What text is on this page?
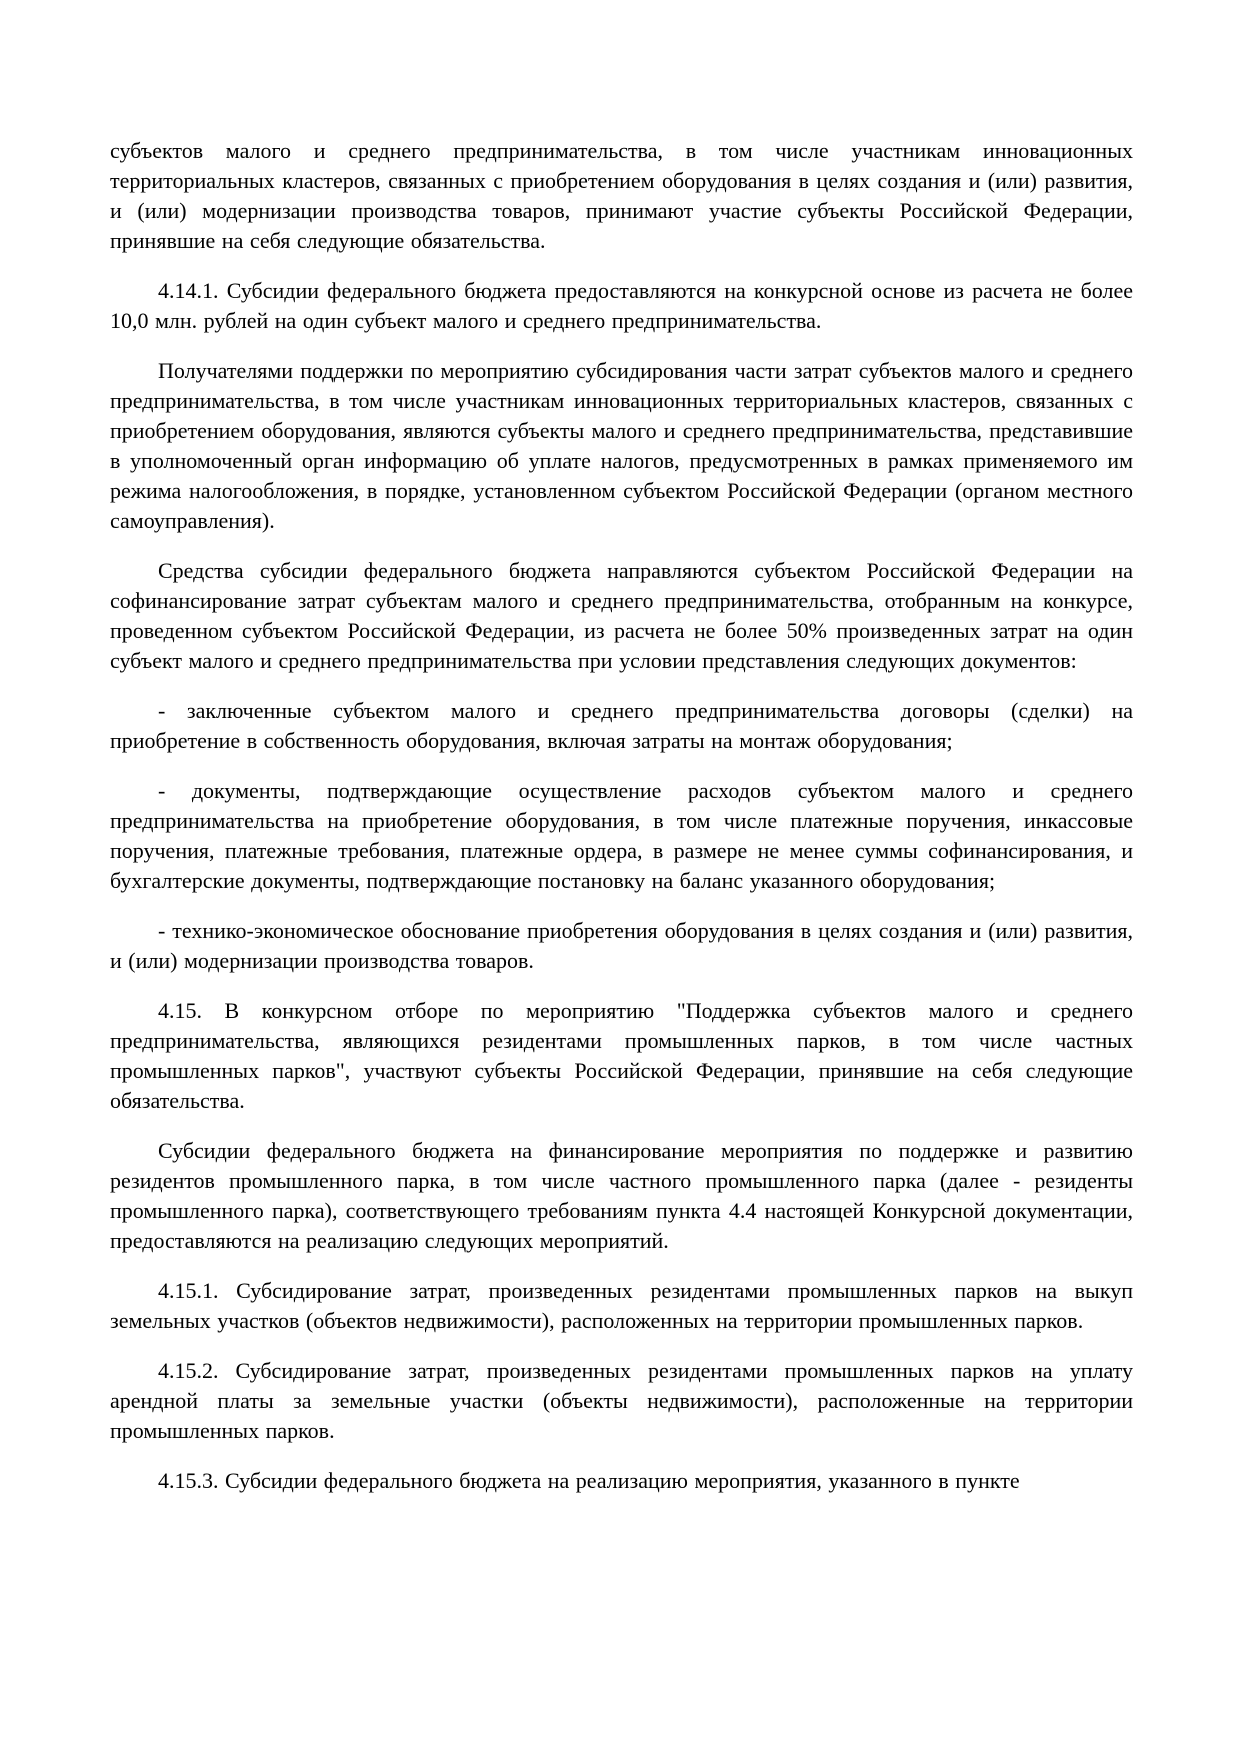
субъектов малого и среднего предпринимательства, в том числе участникам инновационных территориальных кластеров, связанных с приобретением оборудования в целях создания и (или) развития, и (или) модернизации производства товаров, принимают участие субъекты Российской Федерации, принявшие на себя следующие обязательства.

4.14.1. Субсидии федерального бюджета предоставляются на конкурсной основе из расчета не более 10,0 млн. рублей на один субъект малого и среднего предпринимательства.

Получателями поддержки по мероприятию субсидирования части затрат субъектов малого и среднего предпринимательства, в том числе участникам инновационных территориальных кластеров, связанных с приобретением оборудования, являются субъекты малого и среднего предпринимательства, представившие в уполномоченный орган информацию об уплате налогов, предусмотренных в рамках применяемого им режима налогообложения, в порядке, установленном субъектом Российской Федерации (органом местного самоуправления).

Средства субсидии федерального бюджета направляются субъектом Российской Федерации на софинансирование затрат субъектам малого и среднего предпринимательства, отобранным на конкурсе, проведенном субъектом Российской Федерации, из расчета не более 50% произведенных затрат на один субъект малого и среднего предпринимательства при условии представления следующих документов:

- заключенные субъектом малого и среднего предпринимательства договоры (сделки) на приобретение в собственность оборудования, включая затраты на монтаж оборудования;

- документы, подтверждающие осуществление расходов субъектом малого и среднего предпринимательства на приобретение оборудования, в том числе платежные поручения, инкассовые поручения, платежные требования, платежные ордера, в размере не менее суммы софинансирования, и бухгалтерские документы, подтверждающие постановку на баланс указанного оборудования;

- технико-экономическое обоснование приобретения оборудования в целях создания и (или) развития, и (или) модернизации производства товаров.

4.15. В конкурсном отборе по мероприятию "Поддержка субъектов малого и среднего предпринимательства, являющихся резидентами промышленных парков, в том числе частных промышленных парков", участвуют субъекты Российской Федерации, принявшие на себя следующие обязательства.

Субсидии федерального бюджета на финансирование мероприятия по поддержке и развитию резидентов промышленного парка, в том числе частного промышленного парка (далее - резиденты промышленного парка), соответствующего требованиям пункта 4.4 настоящей Конкурсной документации, предоставляются на реализацию следующих мероприятий.

4.15.1. Субсидирование затрат, произведенных резидентами промышленных парков на выкуп земельных участков (объектов недвижимости), расположенных на территории промышленных парков.

4.15.2. Субсидирование затрат, произведенных резидентами промышленных парков на уплату арендной платы за земельные участки (объекты недвижимости), расположенные на территории промышленных парков.

4.15.3. Субсидии федерального бюджета на реализацию мероприятия, указанного в пункте
